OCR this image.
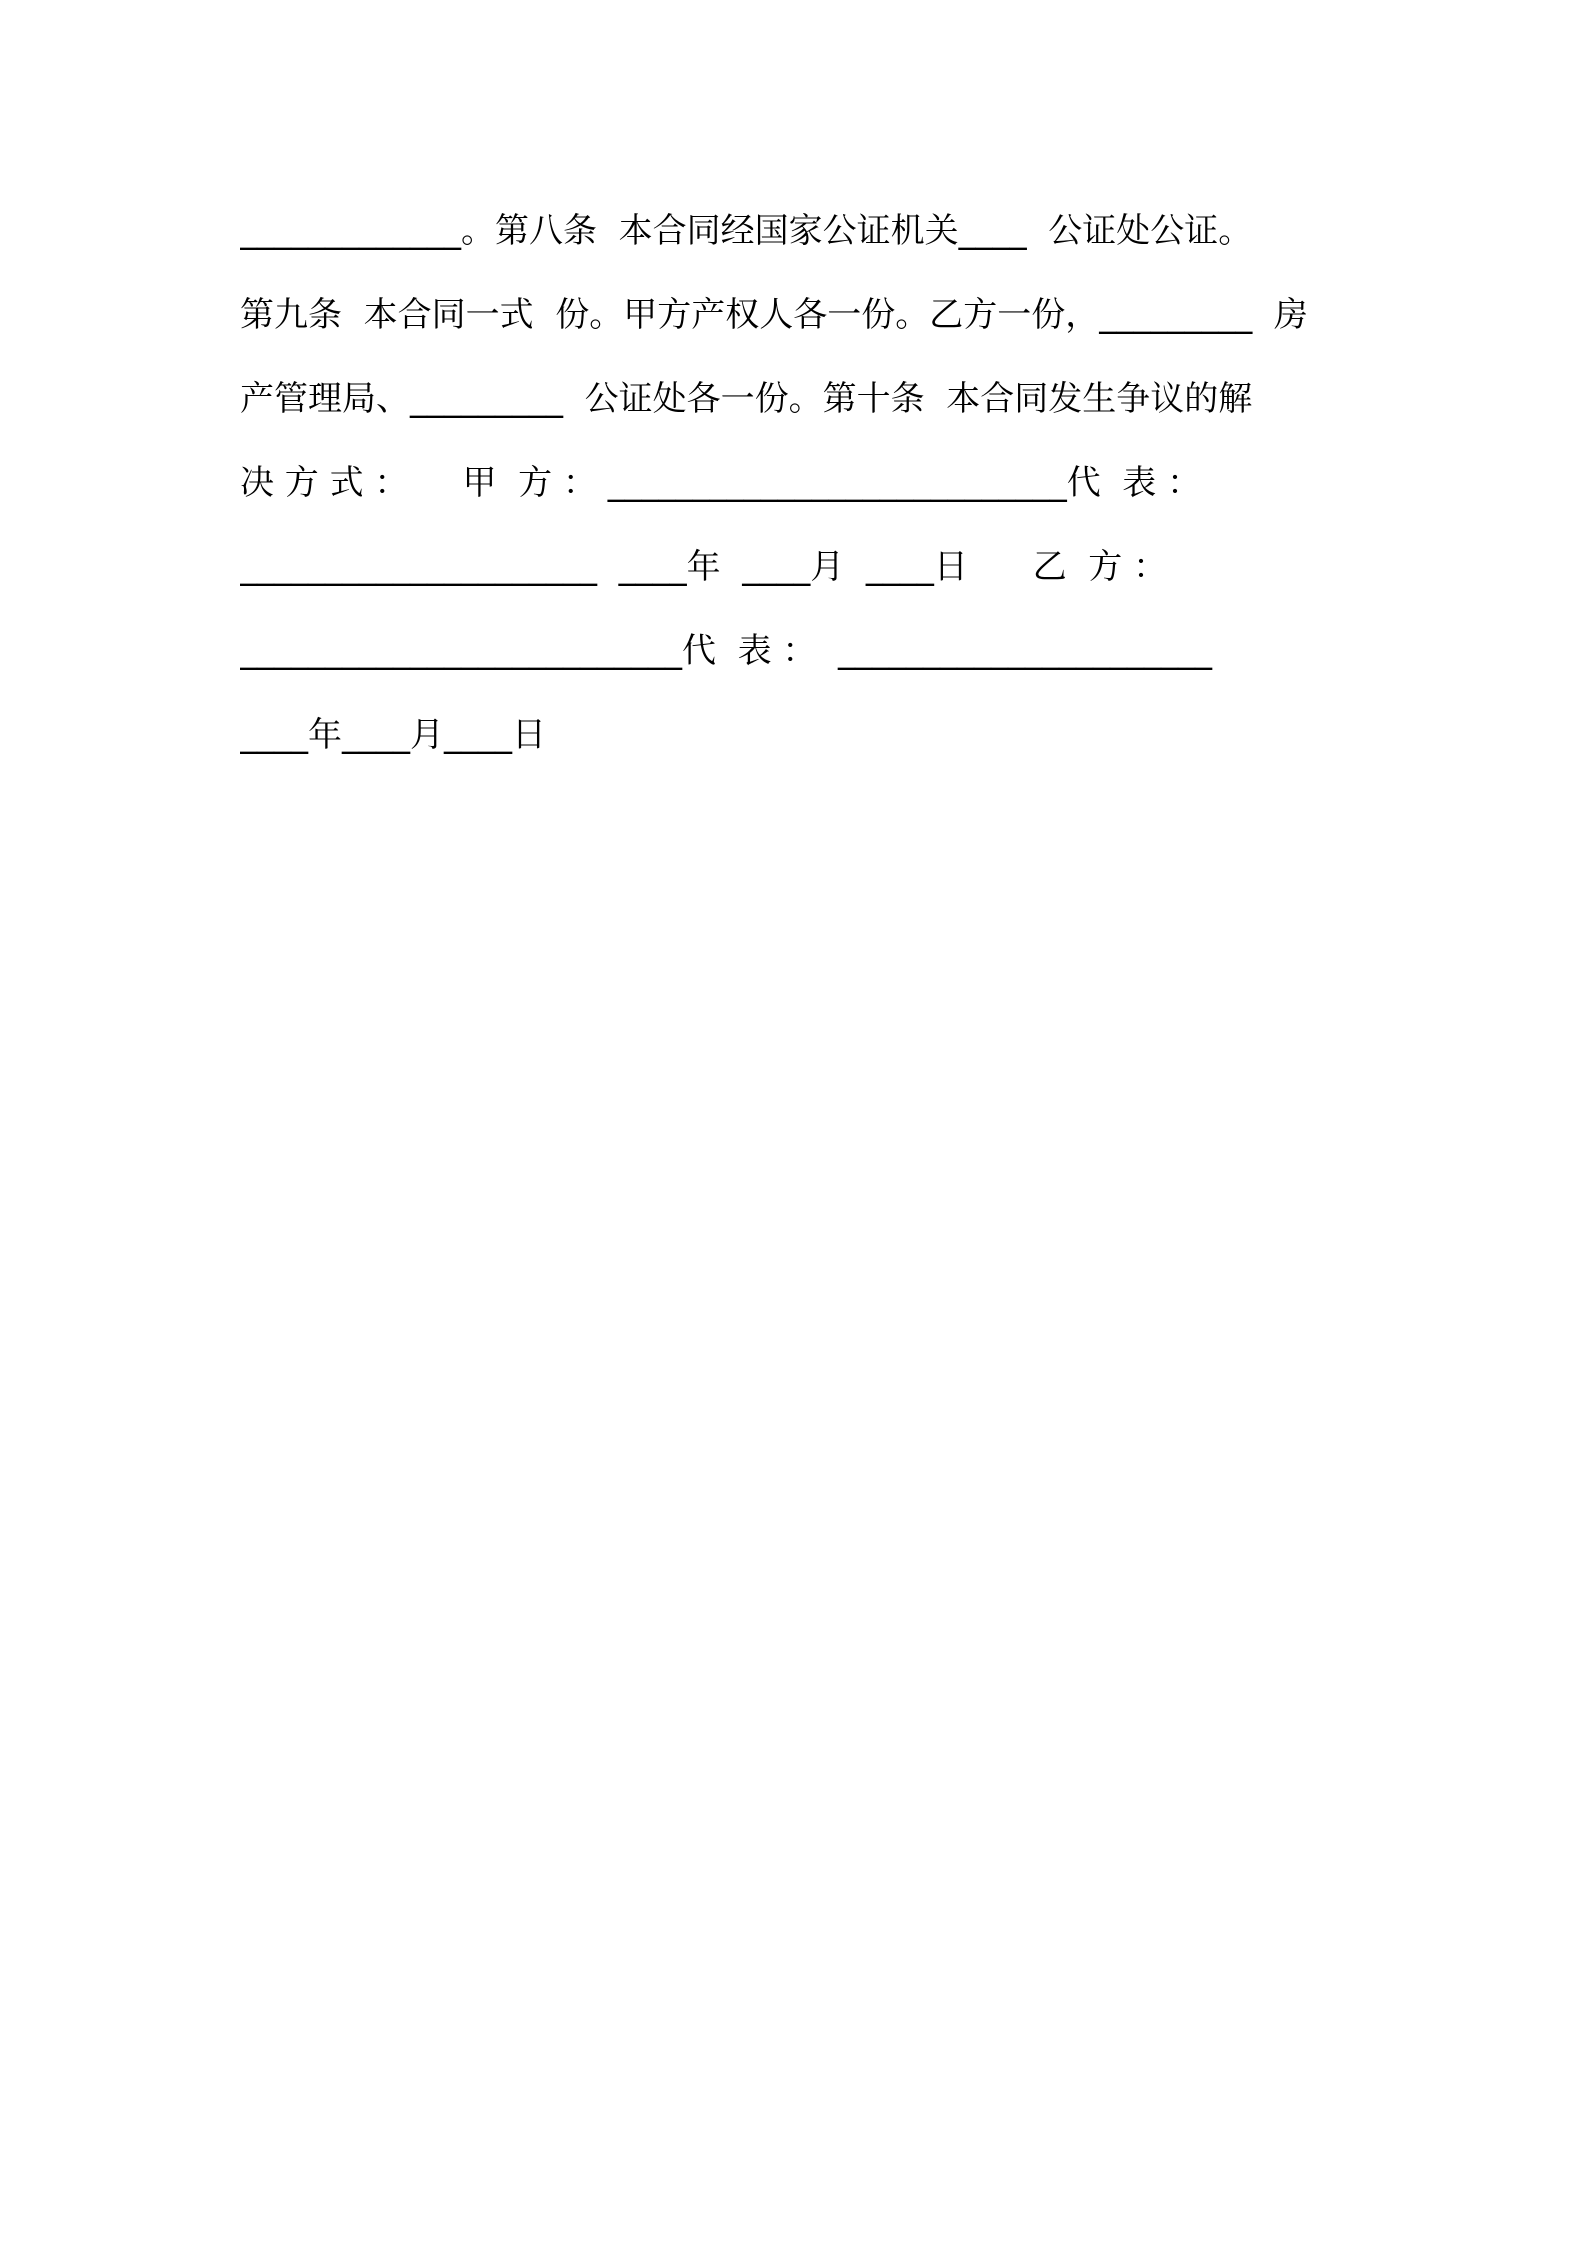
_____________。第八条  本合同经国家公证机关____  公证处公证。
第九条  本合同一式  份。甲方产权人各一份。乙方一份，_________  房
产管理局、_________  公证处各一份。第十条  本合同发生争议的解
决 方 式 ：     甲  方 ： ___________________________代  表 ：
_____________________  ____年  ____月  ____日      乙  方 ：
__________________________代  表 ：  ______________________
____年____月____日
